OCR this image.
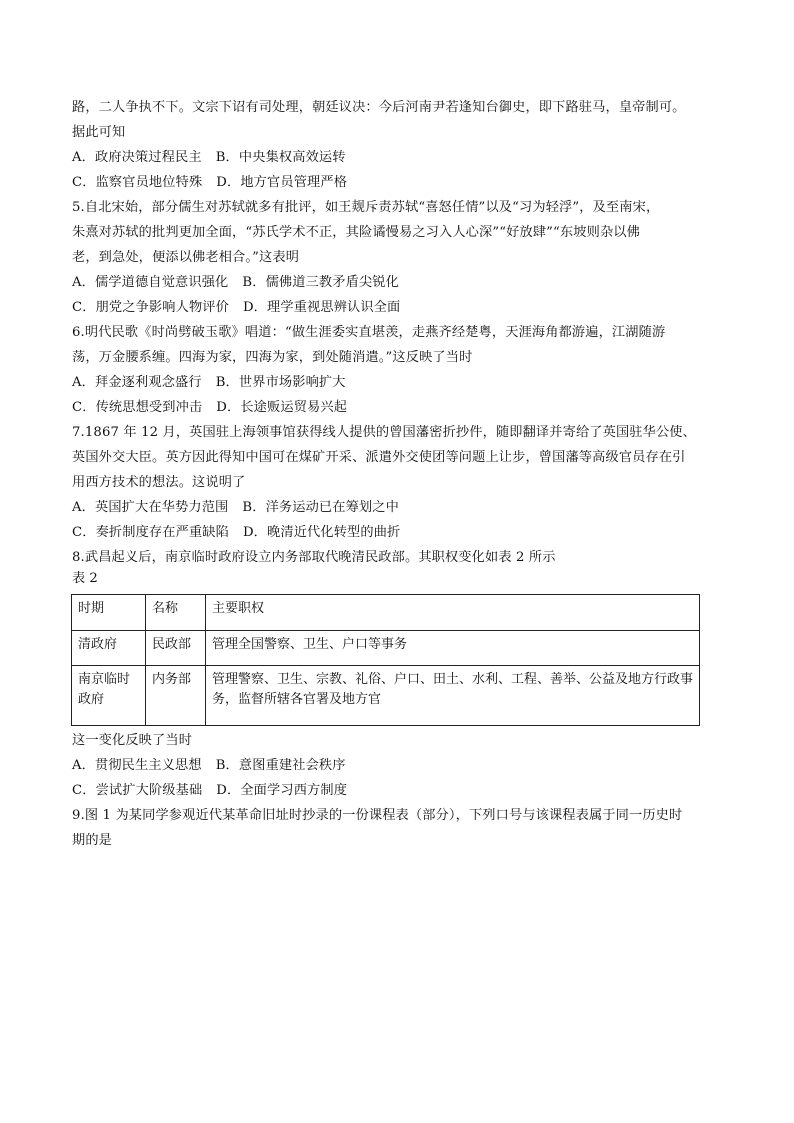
路，二人争执不下。文宗下诏有司处理，朝廷议决：今后河南尹若逢知台御史，即下路驻马，皇帝制可。
据此可知
A．政府决策过程民主 B．中央集权高效运转
C．监察官员地位特殊 D．地方官员管理严格
5.自北宋始，部分儒生对苏轼就多有批评，如王觌斥责苏轼“喜怒任情”以及“习为轻浮”，及至南宋，
朱熹对苏轼的批判更加全面，“苏氏学术不正，其险谲慢易之习入人心深”“好放肆”“东坡则杂以佛
老，到急处，便添以佛老相合。”这表明
A．儒学道德自觉意识强化 B．儒佛道三教矛盾尖锐化
C．朋党之争影响人物评价 D．理学重视思辨认识全面
6.明代民歌《时尚劈破玉歌》唱道：“做生涯委实直堪羡，走燕齐经楚粤，天涯海角都游遍，江湖随游
荡，万金腰系缠。四海为家，四海为家，到处随消遣。”这反映了当时
A．拜金逐利观念盛行 B．世界市场影响扩大
C．传统思想受到冲击 D．长途贩运贸易兴起
7.1867 年 12 月，英国驻上海领事馆获得线人提供的曾国藩密折抄件，随即翻译并寄给了英国驻华公使、
英国外交大臣。英方因此得知中国可在煤矿开采、派遣外交使团等问题上让步，曾国藩等高级官员存在引
用西方技术的想法。这说明了
A．英国扩大在华势力范围 B．洋务运动已在筹划之中
C．奏折制度存在严重缺陷 D．晚清近代化转型的曲折
8.武昌起义后，南京临时政府设立内务部取代晚清民政部。其职权变化如表 2 所示
表 2
时期	名称	主要职权
清政府	民政部	管理全国警察、卫生、户口等事务
南京临时政府	内务部	管理警察、卫生、宗教、礼俗、户口、田土、水利、工程、善举、公益及地方行政事务，监督所辖各官署及地方官
这一变化反映了当时
A．贯彻民生主义思想 B．意图重建社会秩序
C．尝试扩大阶级基础 D．全面学习西方制度
9.图 1 为某同学参观近代某革命旧址时抄录的一份课程表（部分），下列口号与该课程表属于同一历史时
期的是
